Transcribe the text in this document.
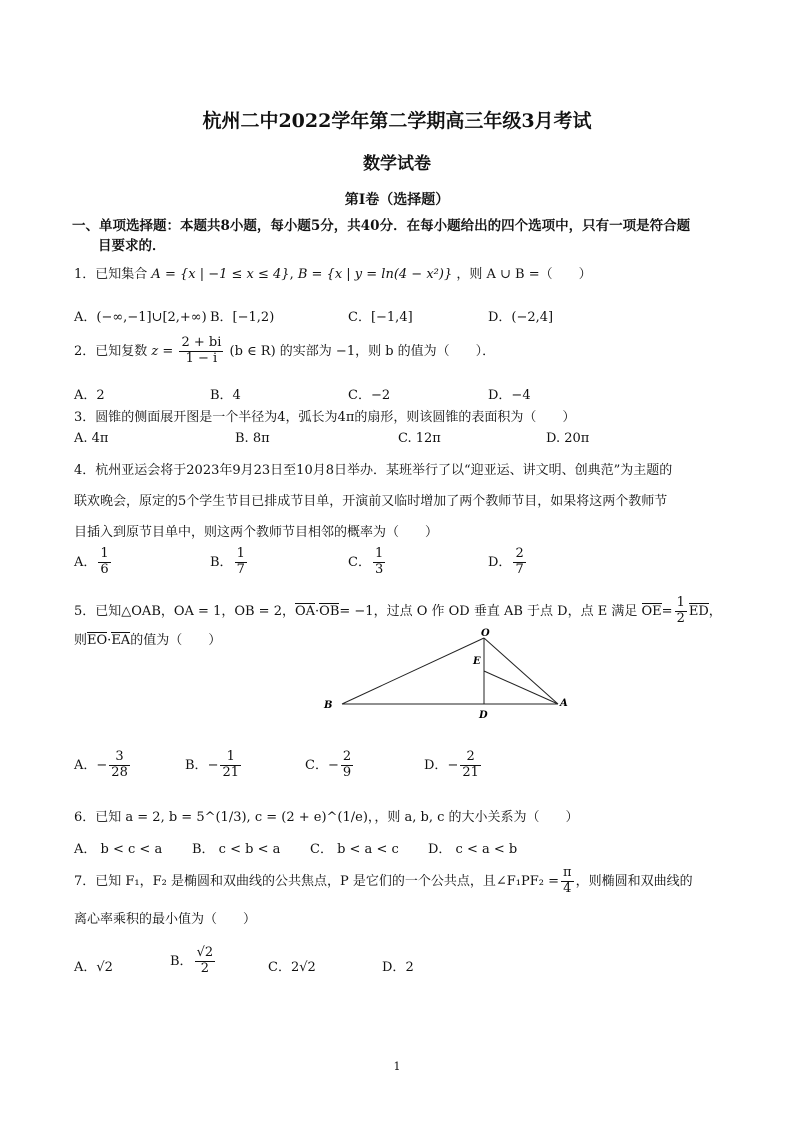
杭州二中2022学年第二学期高三年级3月考试
数学试卷
第Ⅰ卷（选择题）
一、单项选择题：本题共8小题，每小题5分，共40分．在每小题给出的四个选项中，只有一项是符合题
目要求的．
1．已知集合 A = {x | −1 ≤ x ≤ 4}, B = {x | y = ln(4 − x²)} ，则 A ∪ B =（　　）
A．(−∞,−1]∪[2,+∞) B．[−1,2)	C．[−1,4]	D．(−2,4]
2．已知复数 $z = \frac{2 + bi}{1 - i} (b$ ∈ R) 的实部为 −1，则 b 的值为（　　）．
A．2	B．4	C．−2	D．−4
3．圆锥的侧面展开图是一个半径为4，弧长为4π的扇形，则该圆锥的表面积为（　　）
A. 4π	B. 8π	C. 12π	D. 20π
4．杭州亚运会将于2023年9月23日至10月8日举办．某班举行了以“迎亚运、讲文明、创典范”为主题的
联欢晚会，原定的5个学生节目已排成节目单，开演前又临时增加了两个教师节目，如果将这两个教师节
目插入到原节目单中，则这两个教师节目相邻的概率为（　　）
A． $\frac{1}{6}$	B． $\frac{1}{7}$	C． $\frac{1}{3}$	D． $\frac{2}{7}$
5．已知△OAB，OA = 1，OB = 2，OA·OB= −1，过点 O 作 OD 垂直 AB 于点 D，点 E 满足 $OE= \frac{1}{2}$ ED，
则EO·EA的值为（　　）	O
E
B
D
A
A．− $\frac{3}{28}$	B．− $\frac{1}{21}$	C．− $\frac{2}{9}$	D．− $\frac{2}{21}$
6．已知 a = 2, b = 5^(1/3), c = (2 + e)^(1/e)，，则 a, b, c 的大小关系为（　　）
A． b < c < a B． c < b < a C． b < a < c D． c < a < b
7．已知 F₁，F₂ 是椭圆和双曲线的公共焦点，P 是它们的一个公共点，且∠F₁PF₂ = $\frac{\pi}{4}$ ，则椭圆和双曲线的
离心率乘积的最小值为（　　）
A．√2	B． $\frac{√2}{2}$	C．2√2	D．2
1
